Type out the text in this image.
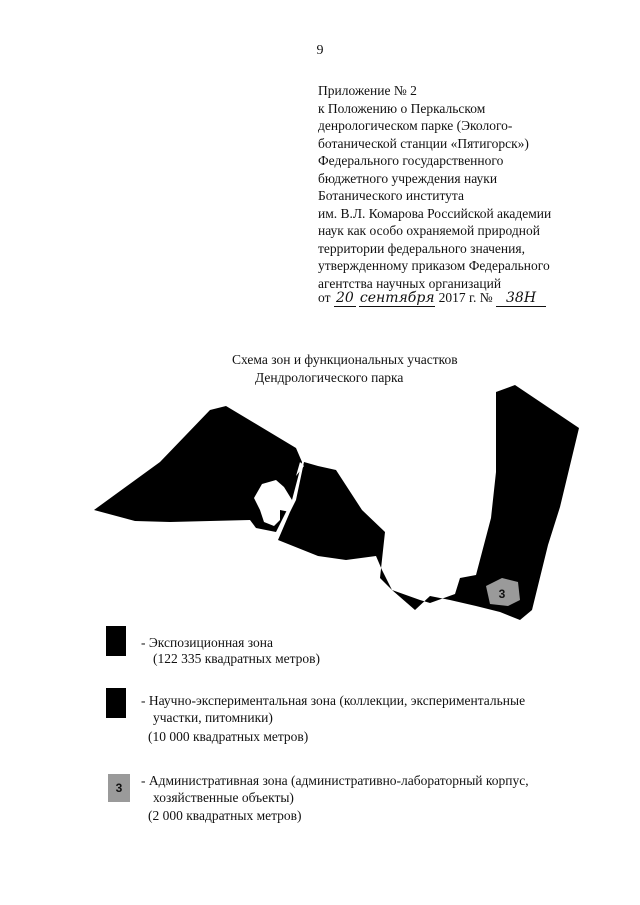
9
Приложение № 2
к Положению о Перкальском
денрологическом парке (Эколого-
ботанической станции «Пятигорск»)
Федерального государственного
бюджетного учреждения науки
Ботанического института
им. В.Л. Комарова Российской академии
наук как особо охраняемой природной
территории федерального значения,
утвержденному приказом Федерального
агентства научных организаций
от 20 сентября 2017 г. № 38Н
Схема зон и функциональных участков
Дендрологического парка
3
- Экспозиционная зона
(122 335 квадратных метров)
- Научно-экспериментальная зона (коллекции, экспериментальные
участки, питомники)
(10 000 квадратных метров)
3	- Административная зона (административно-лабораторный корпус,
хозяйственные объекты)
(2 000 квадратных метров)
